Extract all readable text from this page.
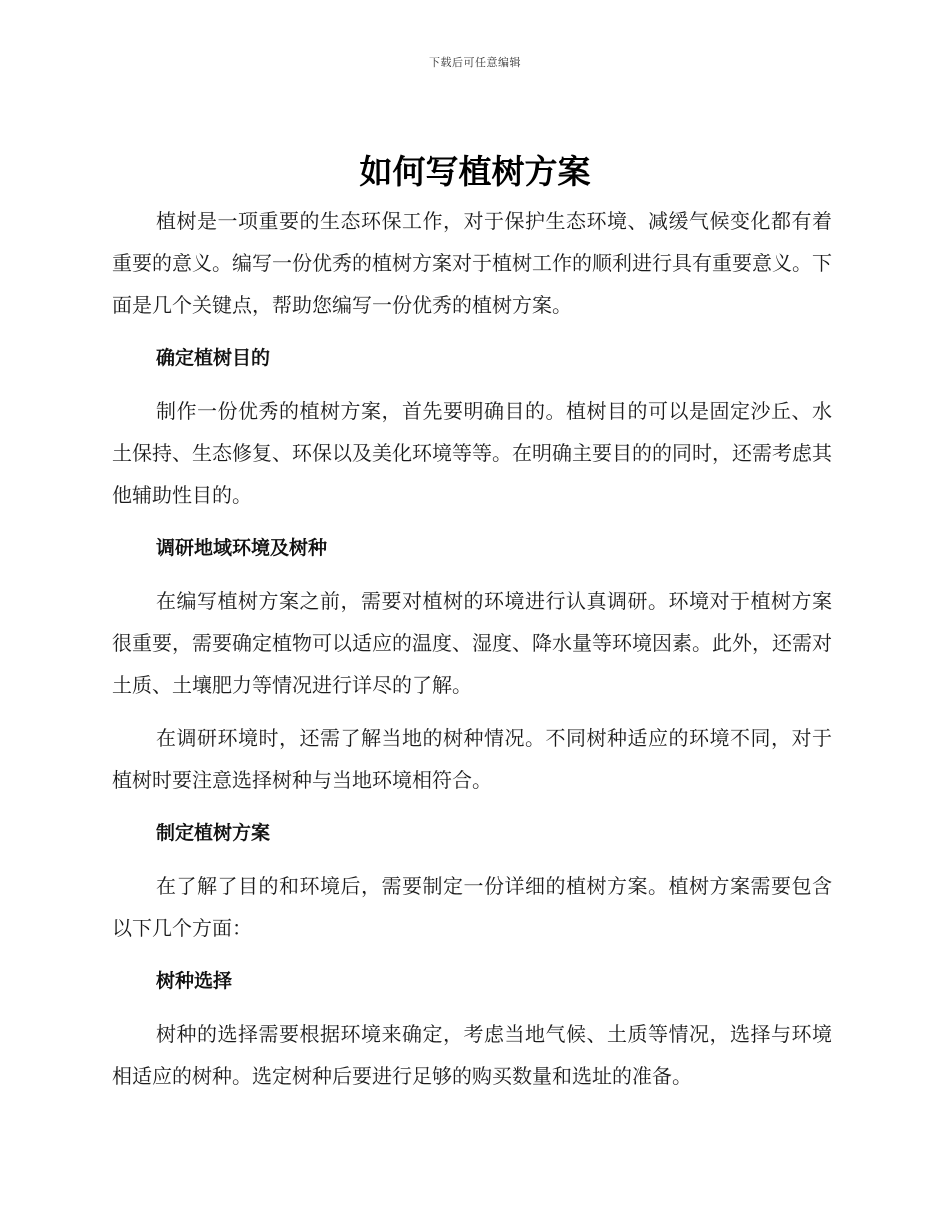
下载后可任意编辑
如何写植树方案

植树是一项重要的生态环保工作，对于保护生态环境、减缓气候变化都有着重要的意义。编写一份优秀的植树方案对于植树工作的顺利进行具有重要意义。下面是几个关键点，帮助您编写一份优秀的植树方案。

确定植树目的

制作一份优秀的植树方案，首先要明确目的。植树目的可以是固定沙丘、水土保持、生态修复、环保以及美化环境等等。在明确主要目的的同时，还需考虑其他辅助性目的。

调研地域环境及树种

在编写植树方案之前，需要对植树的环境进行认真调研。环境对于植树方案很重要，需要确定植物可以适应的温度、湿度、降水量等环境因素。此外，还需对土质、土壤肥力等情况进行详尽的了解。

在调研环境时，还需了解当地的树种情况。不同树种适应的环境不同，对于植树时要注意选择树种与当地环境相符合。

制定植树方案

在了解了目的和环境后，需要制定一份详细的植树方案。植树方案需要包含以下几个方面：

树种选择

树种的选择需要根据环境来确定，考虑当地气候、土质等情况，选择与环境相适应的树种。选定树种后要进行足够的购买数量和选址的准备。
